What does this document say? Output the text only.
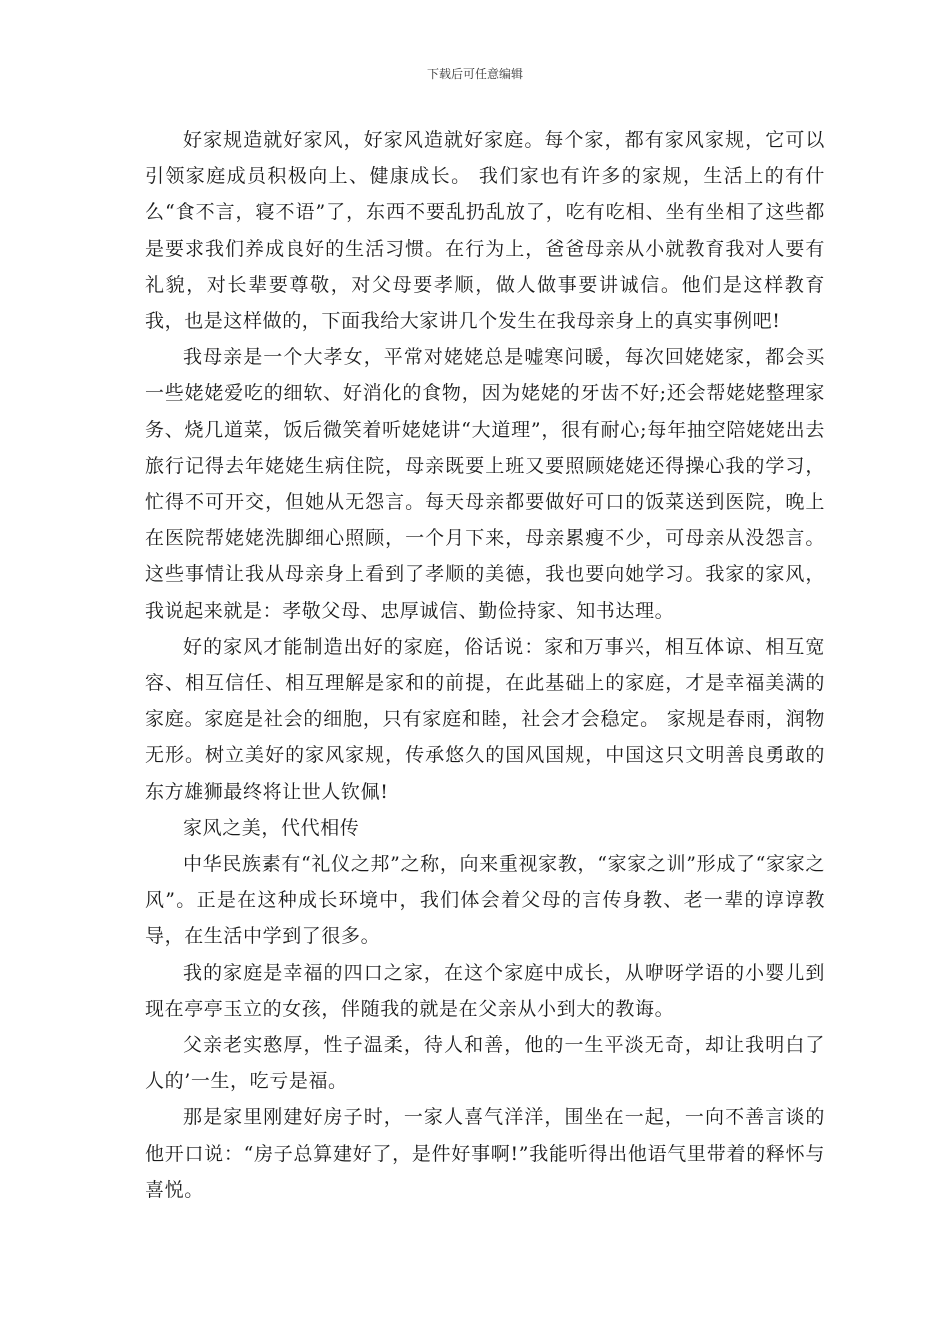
下载后可任意编辑

好家规造就好家风，好家风造就好家庭。每个家，都有家风家规，它可以引领家庭成员积极向上、健康成长。 我们家也有许多的家规，生活上的有什么“食不言，寝不语”了，东西不要乱扔乱放了，吃有吃相、坐有坐相了这些都是要求我们养成良好的生活习惯。在行为上，爸爸母亲从小就教育我对人要有礼貌，对长辈要尊敬，对父母要孝顺，做人做事要讲诚信。他们是这样教育我，也是这样做的，下面我给大家讲几个发生在我母亲身上的真实事例吧!

我母亲是一个大孝女，平常对姥姥总是嘘寒问暖，每次回姥姥家，都会买一些姥姥爱吃的细软、好消化的食物，因为姥姥的牙齿不好;还会帮姥姥整理家务、烧几道菜，饭后微笑着听姥姥讲“大道理”，很有耐心;每年抽空陪姥姥出去旅行记得去年姥姥生病住院，母亲既要上班又要照顾姥姥还得操心我的学习，忙得不可开交，但她从无怨言。每天母亲都要做好可口的饭菜送到医院，晚上在医院帮姥姥洗脚细心照顾，一个月下来，母亲累瘦不少，可母亲从没怨言。这些事情让我从母亲身上看到了孝顺的美德，我也要向她学习。我家的家风，我说起来就是：孝敬父母、忠厚诚信、勤俭持家、知书达理。

好的家风才能制造出好的家庭，俗话说：家和万事兴，相互体谅、相互宽容、相互信任、相互理解是家和的前提，在此基础上的家庭，才是幸福美满的家庭。家庭是社会的细胞，只有家庭和睦，社会才会稳定。 家规是春雨，润物无形。树立美好的家风家规，传承悠久的国风国规，中国这只文明善良勇敢的东方雄狮最终将让世人钦佩!

家风之美，代代相传

中华民族素有“礼仪之邦”之称，向来重视家教，“家家之训”形成了“家家之风”。正是在这种成长环境中，我们体会着父母的言传身教、老一辈的谆谆教导，在生活中学到了很多。

我的家庭是幸福的四口之家，在这个家庭中成长，从咿呀学语的小婴儿到现在亭亭玉立的女孩，伴随我的就是在父亲从小到大的教诲。

父亲老实憨厚，性子温柔，待人和善，他的一生平淡无奇，却让我明白了人的’一生，吃亏是福。

那是家里刚建好房子时，一家人喜气洋洋，围坐在一起，一向不善言谈的他开口说：“房子总算建好了，是件好事啊!”我能听得出他语气里带着的释怀与喜悦。
